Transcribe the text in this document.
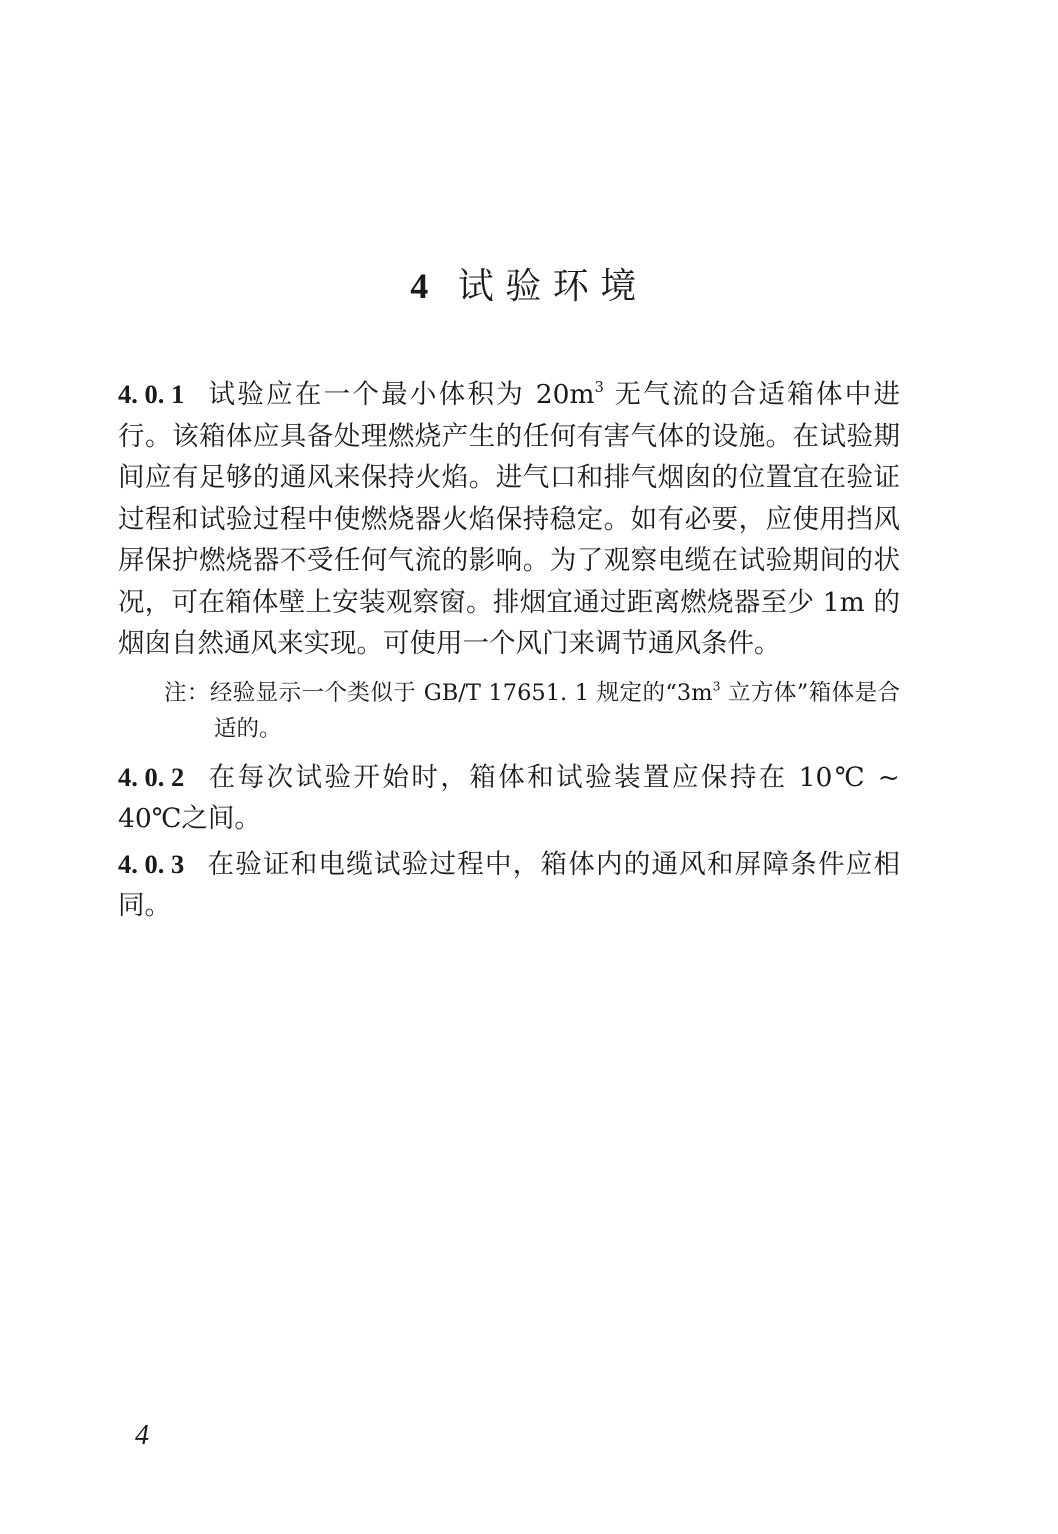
4 试验环境

4. 0. 1 试验应在一个最小体积为 $20m^3$ 无气流的合适箱体中进行。该箱体应具备处理燃烧产生的任何有害气体的设施。在试验期间应有足够的通风来保持火焰。进气口和排气烟囱的位置宜在验证过程和试验过程中使燃烧器火焰保持稳定。如有必要，应使用挡风屏保护燃烧器不受任何气流的影响。为了观察电缆在试验期间的状况，可在箱体壁上安装观察窗。排烟宜通过距离燃烧器至少 1m 的烟囱自然通风来实现。可使用一个风门来调节通风条件。

注：经验显示一个类似于 GB/T 17651. 1 规定的“$3m^3$ 立方体”箱体是合适的。

4. 0. 2 在每次试验开始时，箱体和试验装置应保持在 10℃ ~ 40℃之间。

4. 0. 3 在验证和电缆试验过程中，箱体内的通风和屏障条件应相同。

4
